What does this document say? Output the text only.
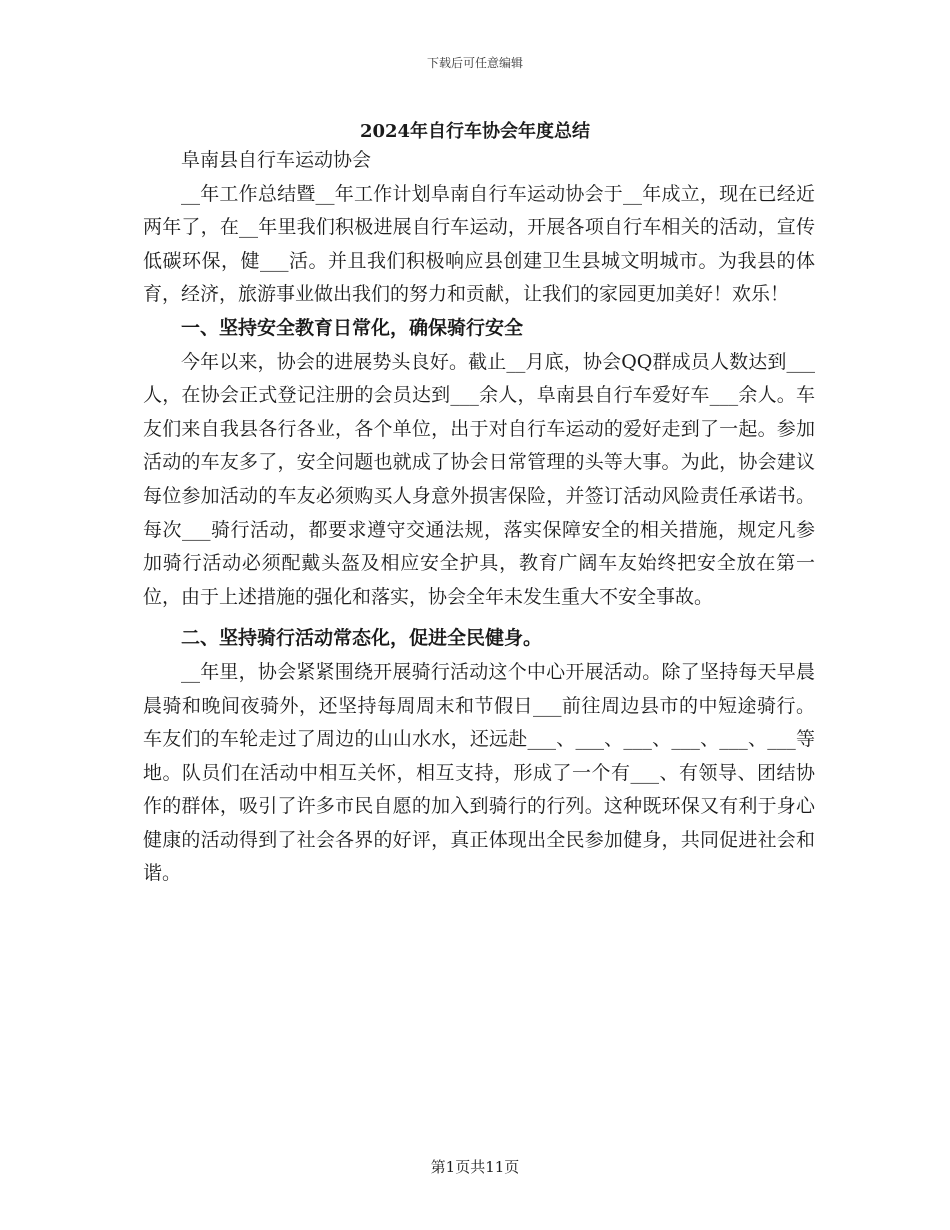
下载后可任意编辑
2024年自行车协会年度总结

阜南县自行车运动协会

__年工作总结暨__年工作计划阜南自行车运动协会于__年成立，现在已经近两年了，在__年里我们积极进展自行车运动，开展各项自行车相关的活动，宣传低碳环保，健___活。并且我们积极响应县创建卫生县城文明城市。为我县的体育，经济，旅游事业做出我们的努力和贡献，让我们的家园更加美好！欢乐！

一、坚持安全教育日常化，确保骑行安全

今年以来，协会的进展势头良好。截止__月底，协会QQ群成员人数达到___人，在协会正式登记注册的会员达到___余人，阜南县自行车爱好车___余人。车友们来自我县各行各业，各个单位，出于对自行车运动的爱好走到了一起。参加活动的车友多了，安全问题也就成了协会日常管理的头等大事。为此，协会建议每位参加活动的车友必须购买人身意外损害保险，并签订活动风险责任承诺书。每次___骑行活动，都要求遵守交通法规，落实保障安全的相关措施，规定凡参加骑行活动必须配戴头盔及相应安全护具，教育广阔车友始终把安全放在第一位，由于上述措施的强化和落实，协会全年未发生重大不安全事故。

二、坚持骑行活动常态化，促进全民健身。

__年里，协会紧紧围绕开展骑行活动这个中心开展活动。除了坚持每天早晨晨骑和晚间夜骑外，还坚持每周周末和节假日___前往周边县市的中短途骑行。车友们的车轮走过了周边的山山水水，还远赴___、___、___、___、___、___等地。队员们在活动中相互关怀，相互支持，形成了一个有___、有领导、团结协作的群体，吸引了许多市民自愿的加入到骑行的行列。这种既环保又有利于身心健康的活动得到了社会各界的好评，真正体现出全民参加健身，共同促进社会和谐。

第1页共11页
